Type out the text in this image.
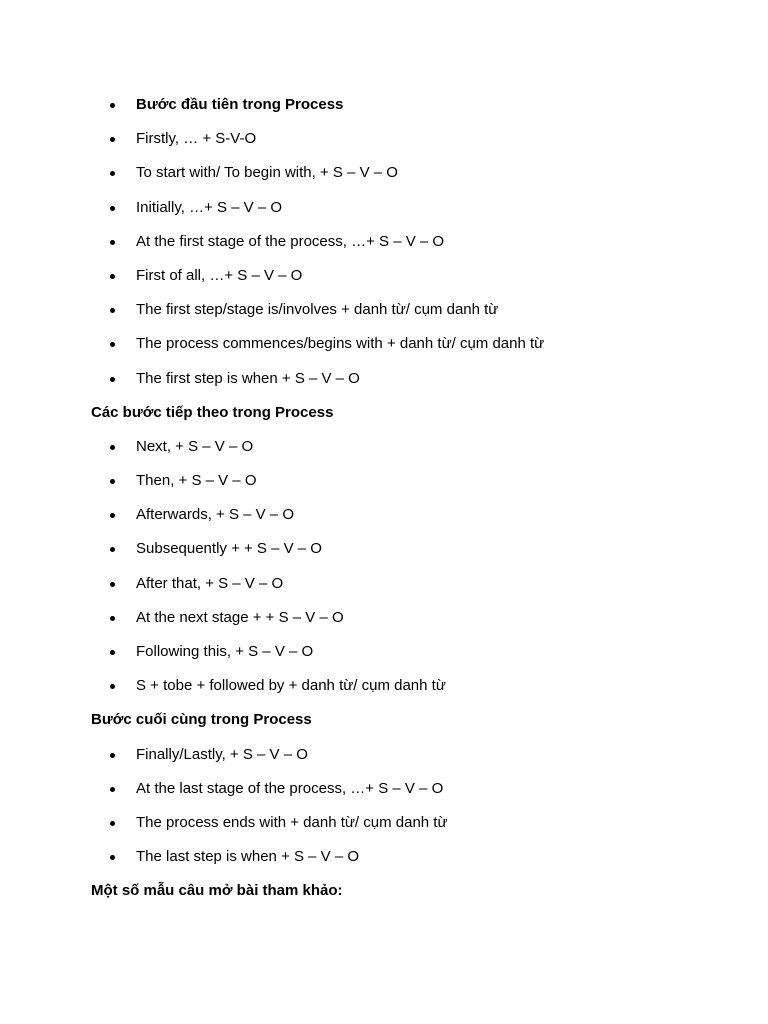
Bước đầu tiên trong Process
Firstly, … + S-V-O
To start with/ To begin with, + S – V – O
Initially, …+ S – V – O
At the first stage of the process, …+ S – V – O
First of all, …+ S – V – O
The first step/stage is/involves + danh từ/ cụm danh từ
The process commences/begins with + danh từ/ cụm danh từ
The first step is when + S – V – O
Các bước tiếp theo trong Process
Next, + S – V – O
Then, + S – V – O
Afterwards, + S – V – O
Subsequently + + S – V – O
After that, + S – V – O
At the next stage + + S – V – O
Following this, + S – V – O
S + tobe + followed by + danh từ/ cụm danh từ
Bước cuối cùng trong Process
Finally/Lastly, + S – V – O
At the last stage of the process, …+ S – V – O
The process ends with + danh từ/ cụm danh từ
The last step is when + S – V – O
Một số mẫu câu mở bài tham khảo:
